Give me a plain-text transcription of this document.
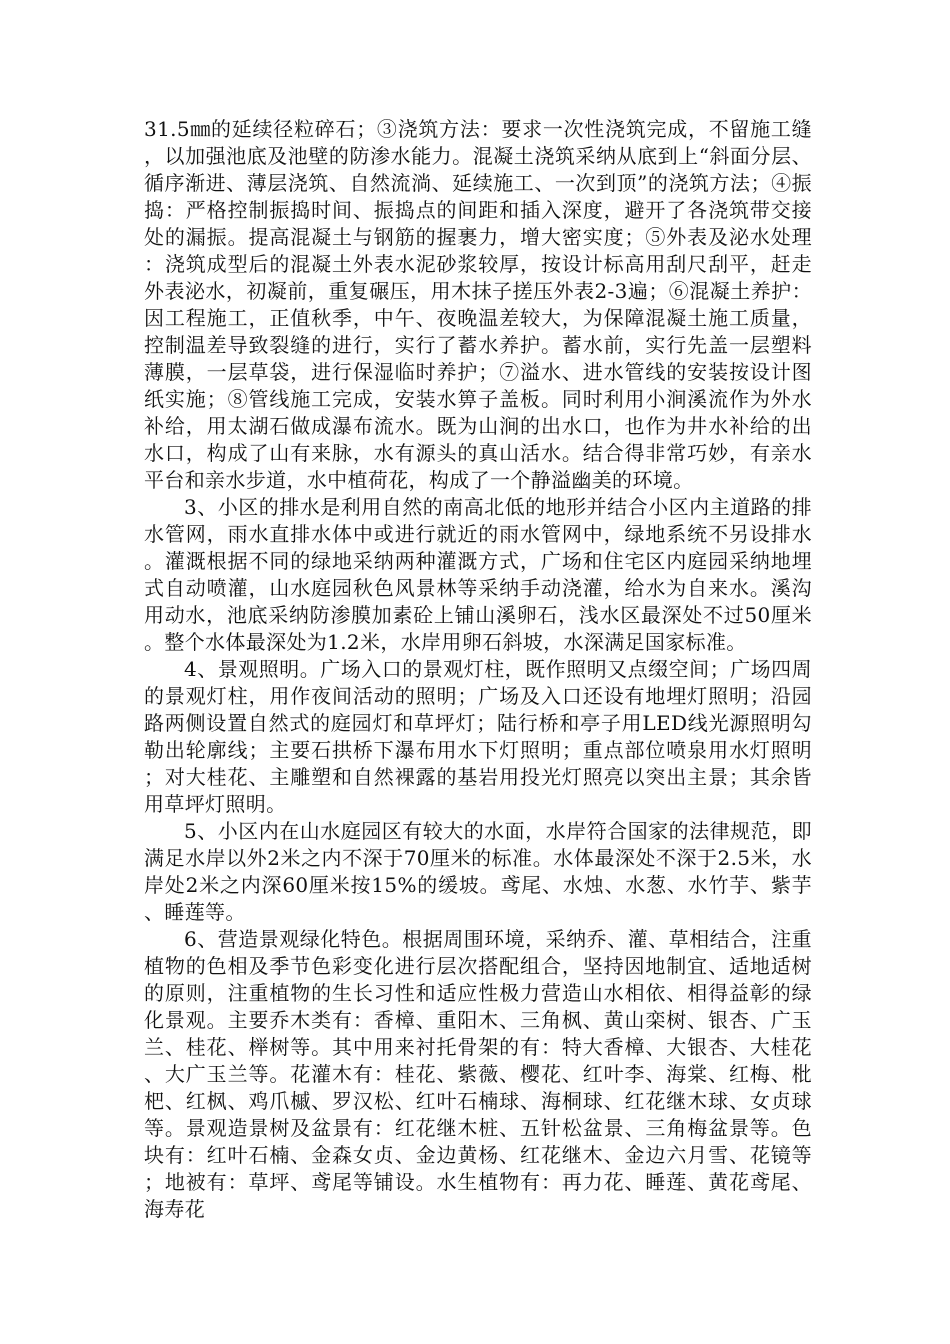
31.5㎜的延续径粒碎石；③浇筑方法：要求一次性浇筑完成，不留施工缝，以加强池底及池壁的防渗水能力。混凝土浇筑采纳从底到上“斜面分层、循序渐进、薄层浇筑、自然流淌、延续施工、一次到顶”的浇筑方法；④振捣：严格控制振捣时间、振捣点的间距和插入深度，避开了各浇筑带交接处的漏振。提高混凝土与钢筋的握裹力，增大密实度；⑤外表及泌水处理：浇筑成型后的混凝土外表水泥砂浆较厚，按设计标高用刮尺刮平，赶走外表泌水，初凝前，重复碾压，用木抹子搓压外表2-3遍；⑥混凝土养护：因工程施工，正值秋季，中午、夜晚温差较大，为保障混凝土施工质量，控制温差导致裂缝的进行，实行了蓄水养护。蓄水前，实行先盖一层塑料薄膜，一层草袋，进行保湿临时养护；⑦溢水、进水管线的安装按设计图纸实施；⑧管线施工完成，安装水箅子盖板。同时利用小涧溪流作为外水补给，用太湖石做成瀑布流水。既为山涧的出水口，也作为井水补给的出水口，构成了山有来脉，水有源头的真山活水。结合得非常巧妙，有亲水平台和亲水步道，水中植荷花，构成了一个静溢幽美的环境。

3、小区的排水是利用自然的南高北低的地形并结合小区内主道路的排水管网，雨水直排水体中或进行就近的雨水管网中，绿地系统不另设排水。灌溉根据不同的绿地采纳两种灌溉方式，广场和住宅区内庭园采纳地埋式自动喷灌，山水庭园秋色风景林等采纳手动浇灌，给水为自来水。溪沟用动水，池底采纳防渗膜加素砼上铺山溪卵石，浅水区最深处不过50厘米。整个水体最深处为1.2米，水岸用卵石斜坡，水深满足国家标准。

4、景观照明。广场入口的景观灯柱，既作照明又点缀空间；广场四周的景观灯柱，用作夜间活动的照明；广场及入口还设有地埋灯照明；沿园路两侧设置自然式的庭园灯和草坪灯；陆行桥和亭子用LED线光源照明勾勒出轮廓线；主要石拱桥下瀑布用水下灯照明；重点部位喷泉用水灯照明；对大桂花、主雕塑和自然裸露的基岩用投光灯照亮以突出主景；其余皆用草坪灯照明。

5、小区内在山水庭园区有较大的水面，水岸符合国家的法律规范，即满足水岸以外2米之内不深于70厘米的标准。水体最深处不深于2.5米，水岸处2米之内深60厘米按15%的缓坡。鸢尾、水烛、水葱、水竹芋、紫芋、睡莲等。

6、营造景观绿化特色。根据周围环境，采纳乔、灌、草相结合，注重植物的色相及季节色彩变化进行层次搭配组合，坚持因地制宜、适地适树的原则，注重植物的生长习性和适应性极力营造山水相依、相得益彰的绿化景观。主要乔木类有：香樟、重阳木、三角枫、黄山栾树、银杏、广玉兰、桂花、榉树等。其中用来衬托骨架的有：特大香樟、大银杏、大桂花、大广玉兰等。花灌木有：桂花、紫薇、樱花、红叶李、海棠、红梅、枇杷、红枫、鸡爪槭、罗汉松、红叶石楠球、海桐球、红花继木球、女贞球等。景观造景树及盆景有：红花继木桩、五针松盆景、三角梅盆景等。色块有：红叶石楠、金森女贞、金边黄杨、红花继木、金边六月雪、花镜等；地被有：草坪、鸢尾等铺设。水生植物有：再力花、睡莲、黄花鸢尾、海寿花
